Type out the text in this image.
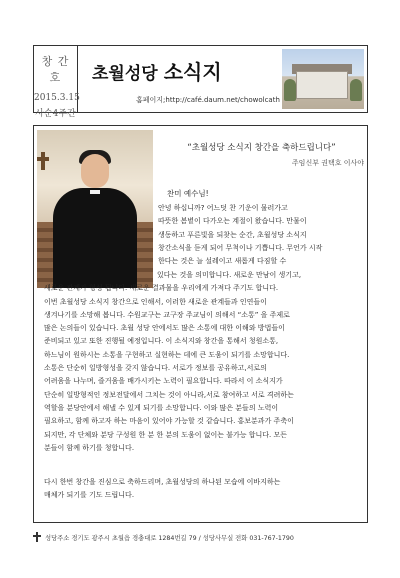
창 간 호
2015.3.15
사순4주간
초월성당 소식지
홈페이지;http://café.daum.net/chowolcath
“초월성당 소식지 창간을 축하드립니다”
주임신부 권택호 이사야
찬미 예수님!
안녕 하십니까? 어느덧 찬 기운이 물러가고
따뜻한 봄볕이 다가오는 계절이 왔습니다. 만물이
생동하고 푸른빛을 되찾는 순간, 초월성당 소식지
창간소식을 듣게 되어 무척이나 기쁩니다. 무언가 시작
한다는 것은 늘 설레이고 새롭게 다짐할 수
있다는 것을 의미합니다. 새로운 만남이 생기고,
새로운 관계가 형성 됩니다. 새로운 결과물을 우리에게 가져다 주기도 합니다.
이번 초월성당 소식지 창간으로 인해서, 이러한 새로운 관계들과 인연들이
생겨나기를 소망해 봅니다. 수원교구는 교구장 주교님이 의해서 “소통” 을 주제로
많은 논의들이 있습니다. 초월 성당 안에서도 많은 소통에 대한 이해와 방법들이
준비되고 있고 또한 진행될 예정입니다. 이 소식지와 창간을 통해서 청원소통,
하느님이 원하시는 소통을 구현하고 실현하는 데에 큰 도움이 되기를 소망합니다.
소통은 단순히 일방형성을 갖지 않습니다. 서로가 정보를 공유하고,서로의
어려움을 나누며, 즐거움을 배가시키는 노력이 필요합니다. 따라서 이 소식지가
단순히 일방형적인 정보전달에서 그치는 것이 아니라,서로 참여하고 서로 격려하는
역할을 분당안에서 해낼 수 있게 되기를 소망합니다. 이와 많은 분들의 노력이
필요하고, 함께 하고자 하는 마음이 있어야 가능할 것 같습니다. 홍보분과가 주축이
되지만, 각 단체와 분당 구성원 한 분 한 분의 도움이 없이는 불가능 합니다. 모든
분들이 함께 하기를 청합니다.
다시 한번 창간을 진심으로 축하드리며, 초월성당의 하나된 모습에 이바지하는
매체가 되기를 기도 드립니다.
성당주소 경기도 광주시 초월읍 경충대로 1284번길 79 / 성당사무실 전화 031-767-1790
